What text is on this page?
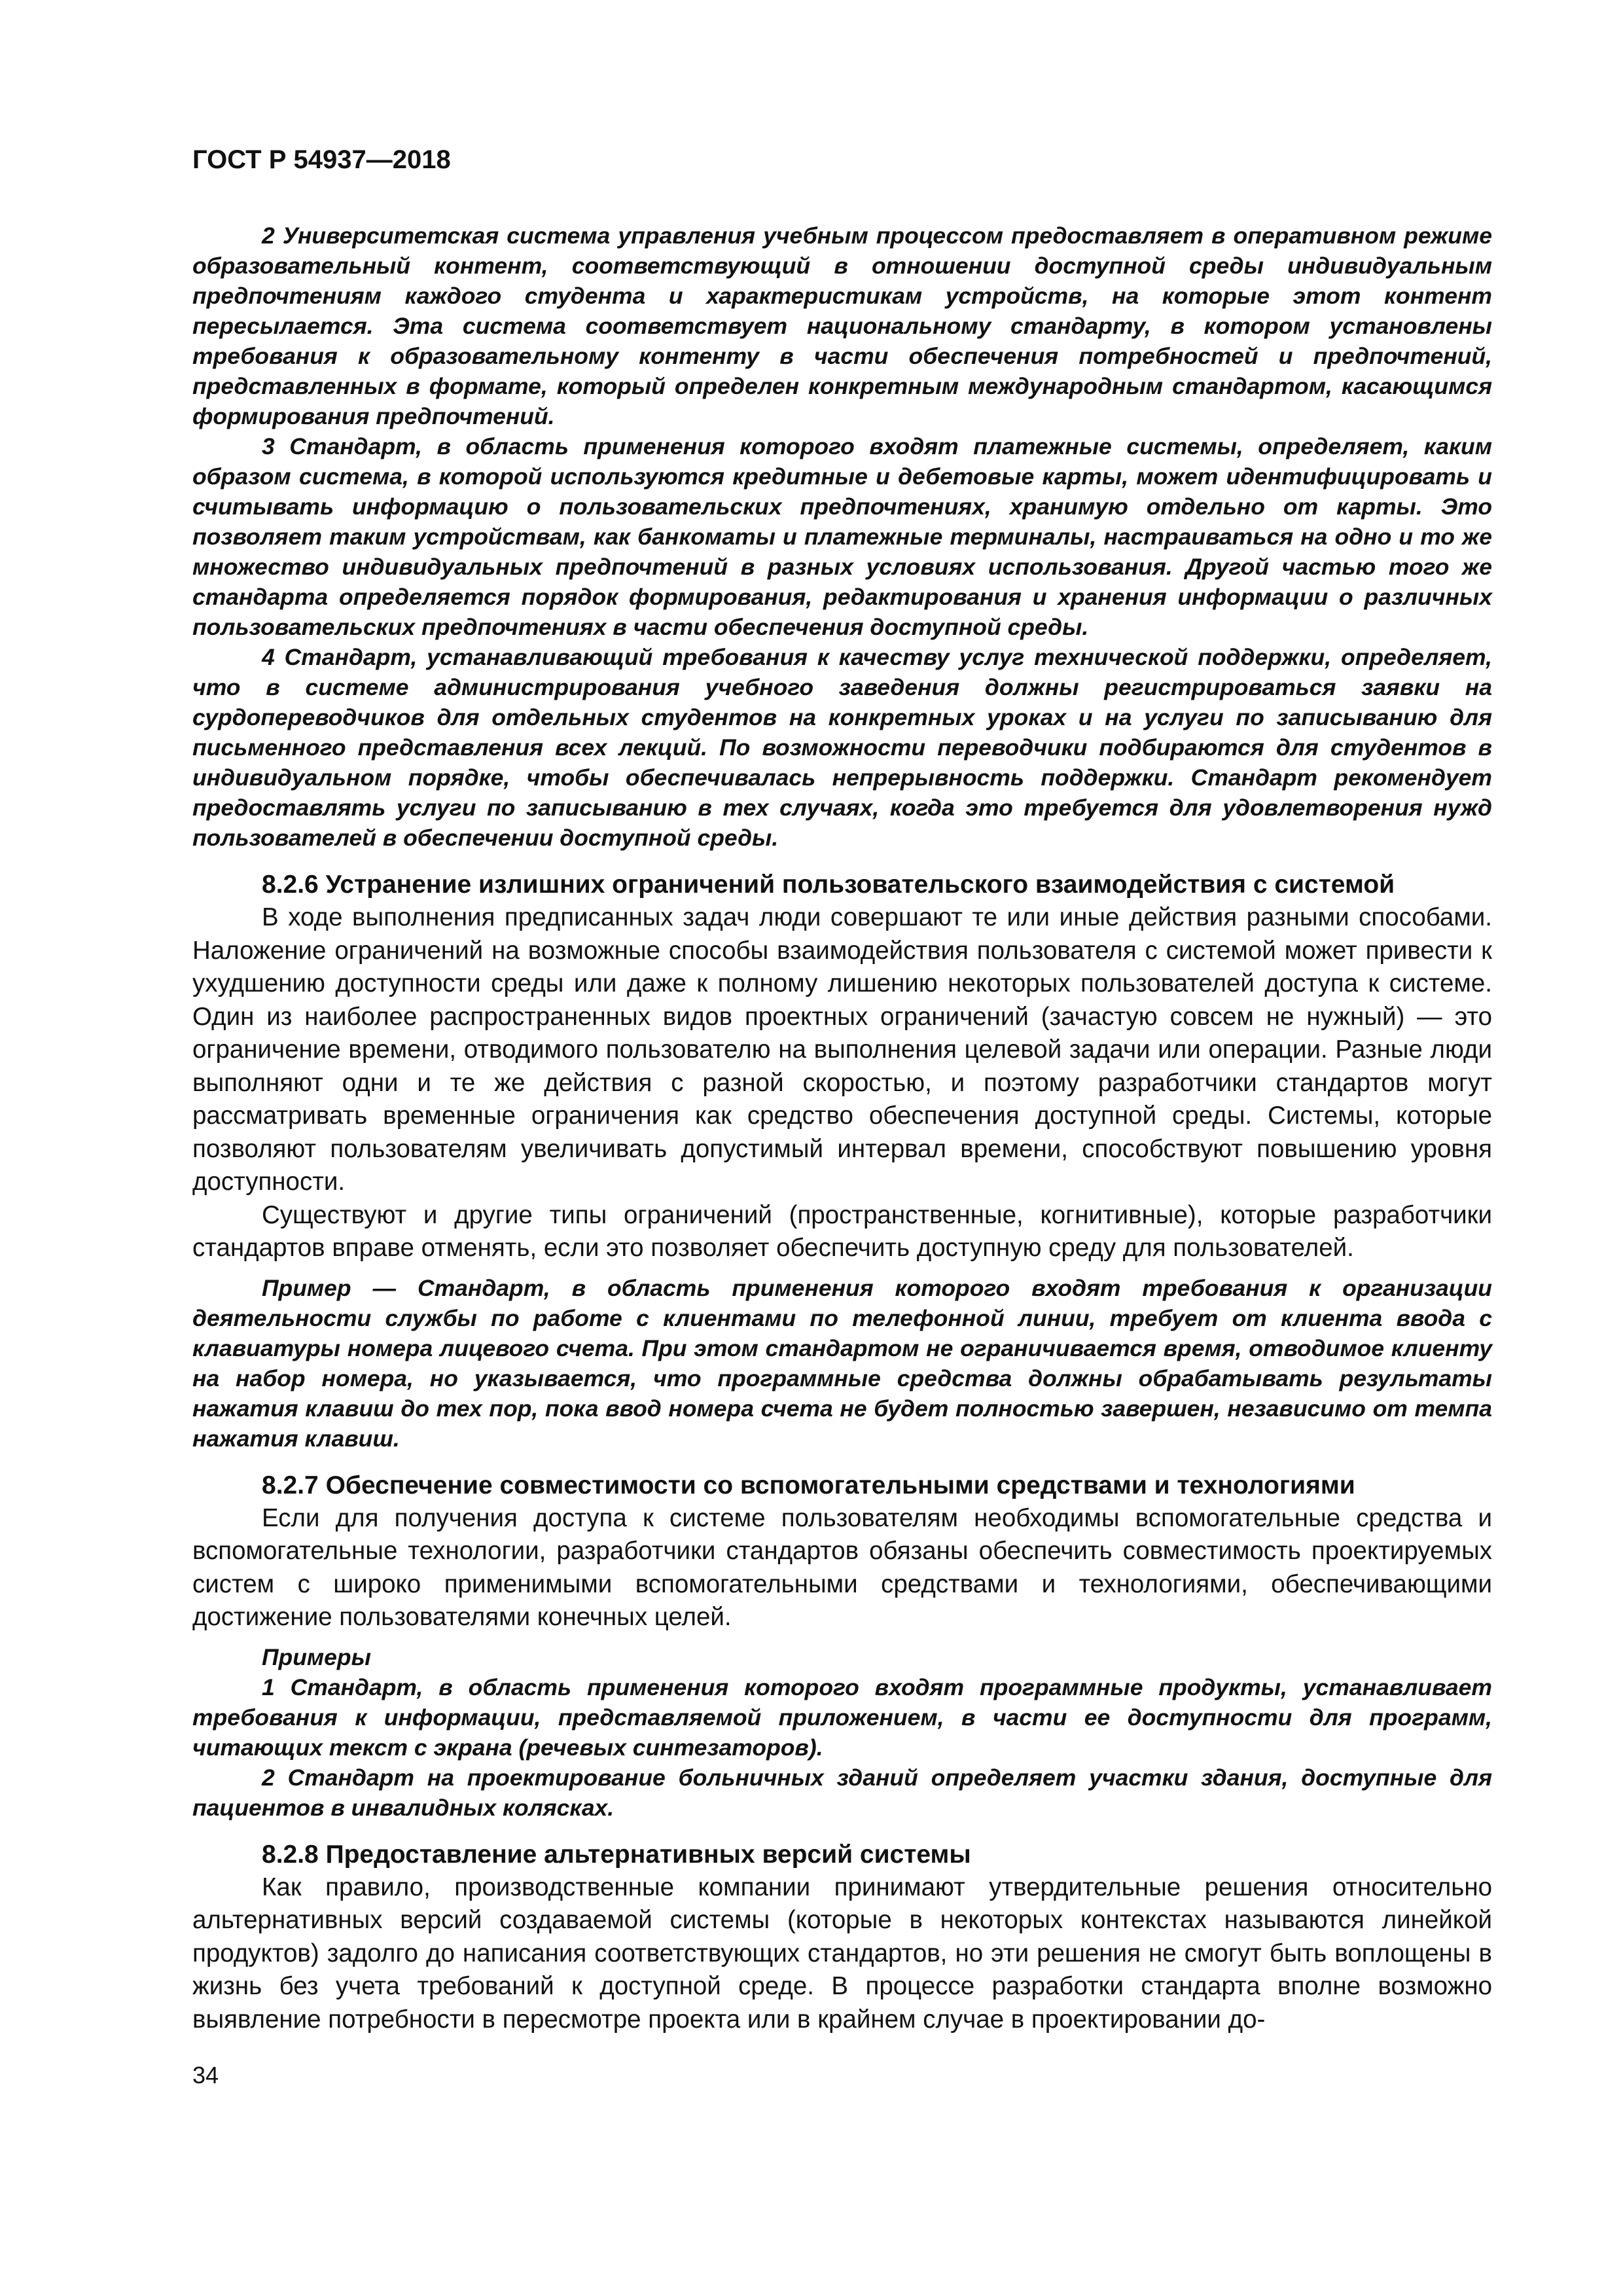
ГОСТ Р 54937—2018

2 Университетская система управления учебным процессом предоставляет в оперативном режиме образовательный контент, соответствующий в отношении доступной среды индивидуальным предпочтениям каждого студента и характеристикам устройств, на которые этот контент пересылается. Эта система соответствует национальному стандарту, в котором установлены требования к образовательному контенту в части обеспечения потребностей и предпочтений, представленных в формате, который определен конкретным международным стандартом, касающимся формирования предпочтений.

3 Стандарт, в область применения которого входят платежные системы, определяет, каким образом система, в которой используются кредитные и дебетовые карты, может идентифицировать и считывать информацию о пользовательских предпочтениях, хранимую отдельно от карты. Это позволяет таким устройствам, как банкоматы и платежные терминалы, настраиваться на одно и то же множество индивидуальных предпочтений в разных условиях использования. Другой частью того же стандарта определяется порядок формирования, редактирования и хранения информации о различных пользовательских предпочтениях в части обеспечения доступной среды.

4 Стандарт, устанавливающий требования к качеству услуг технической поддержки, определяет, что в системе администрирования учебного заведения должны регистрироваться заявки на сурдопереводчиков для отдельных студентов на конкретных уроках и на услуги по записыванию для письменного представления всех лекций. По возможности переводчики подбираются для студентов в индивидуальном порядке, чтобы обеспечивалась непрерывность поддержки. Стандарт рекомендует предоставлять услуги по записыванию в тех случаях, когда это требуется для удовлетворения нужд пользователей в обеспечении доступной среды.

8.2.6 Устранение излишних ограничений пользовательского взаимодействия с системой

В ходе выполнения предписанных задач люди совершают те или иные действия разными способами. Наложение ограничений на возможные способы взаимодействия пользователя с системой может привести к ухудшению доступности среды или даже к полному лишению некоторых пользователей доступа к системе. Один из наиболее распространенных видов проектных ограничений (зачастую совсем не нужный) — это ограничение времени, отводимого пользователю на выполнения целевой задачи или операции. Разные люди выполняют одни и те же действия с разной скоростью, и поэтому разработчики стандартов могут рассматривать временные ограничения как средство обеспечения доступной среды. Системы, которые позволяют пользователям увеличивать допустимый интервал времени, способствуют повышению уровня доступности.

Существуют и другие типы ограничений (пространственные, когнитивные), которые разработчики стандартов вправе отменять, если это позволяет обеспечить доступную среду для пользователей.

Пример — Стандарт, в область применения которого входят требования к организации деятельности службы по работе с клиентами по телефонной линии, требует от клиента ввода с клавиатуры номера лицевого счета. При этом стандартом не ограничивается время, отводимое клиенту на набор номера, но указывается, что программные средства должны обрабатывать результаты нажатия клавиш до тех пор, пока ввод номера счета не будет полностью завершен, независимо от темпа нажатия клавиш.

8.2.7 Обеспечение совместимости со вспомогательными средствами и технологиями

Если для получения доступа к системе пользователям необходимы вспомогательные средства и вспомогательные технологии, разработчики стандартов обязаны обеспечить совместимость проектируемых систем с широко применимыми вспомогательными средствами и технологиями, обеспечивающими достижение пользователями конечных целей.

Примеры

1 Стандарт, в область применения которого входят программные продукты, устанавливает требования к информации, представляемой приложением, в части ее доступности для программ, читающих текст с экрана (речевых синтезаторов).

2 Стандарт на проектирование больничных зданий определяет участки здания, доступные для пациентов в инвалидных колясках.

8.2.8 Предоставление альтернативных версий системы

Как правило, производственные компании принимают утвердительные решения относительно альтернативных версий создаваемой системы (которые в некоторых контекстах называются линейкой продуктов) задолго до написания соответствующих стандартов, но эти решения не смогут быть воплощены в жизнь без учета требований к доступной среде. В процессе разработки стандарта вполне возможно выявление потребности в пересмотре проекта или в крайнем случае в проектировании до-

34
